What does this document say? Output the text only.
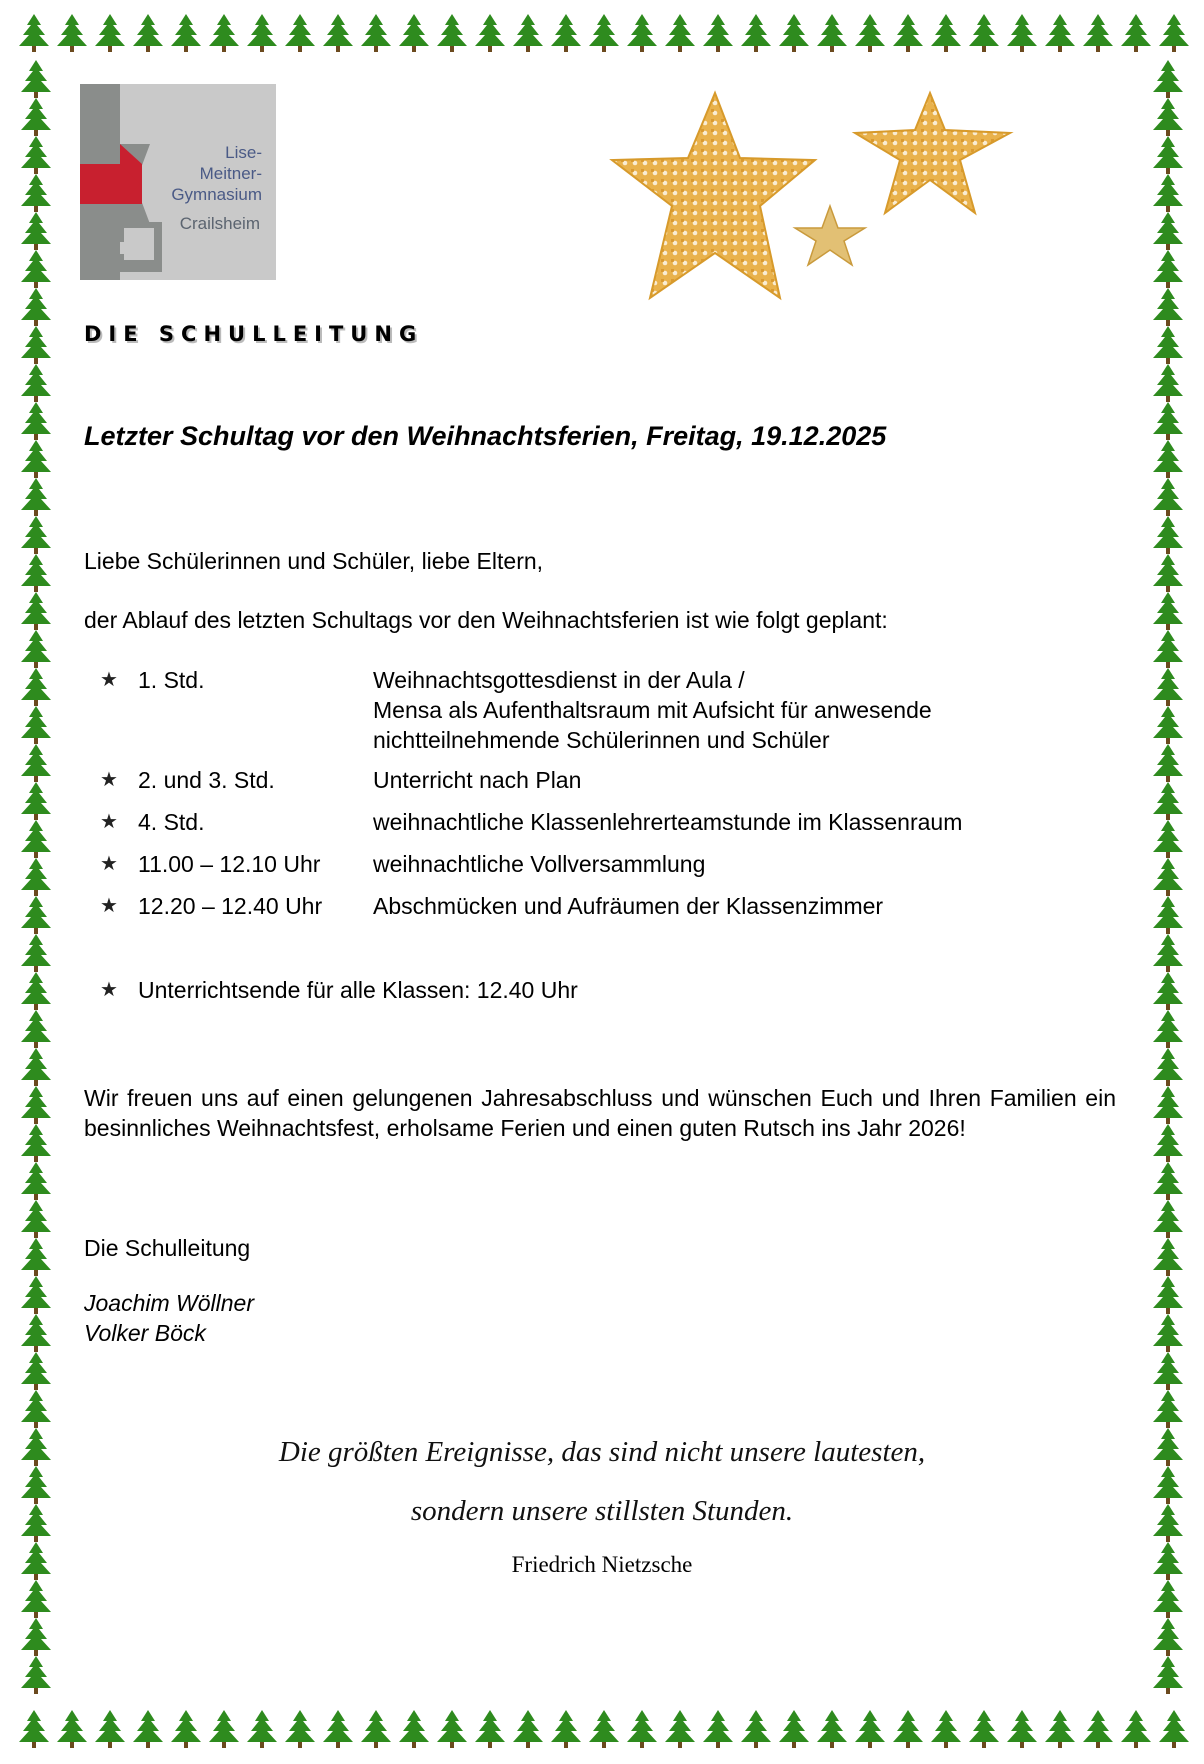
Lise-
Meitner-
Gymnasium
Crailsheim
DIE SCHULLEITUNG
Letzter Schultag vor den Weihnachtsferien, Freitag, 19.12.2025
Liebe Schülerinnen und Schüler, liebe Eltern,
der Ablauf des letzten Schultags vor den Weihnachtsferien ist wie folgt geplant:
★ 1. Std.	Weihnachtsgottesdienst in der Aula /
Mensa als Aufenthaltsraum mit Aufsicht für anwesende
nichtteilnehmende Schülerinnen und Schüler
★ 2. und 3. Std.	Unterricht nach Plan
★ 4. Std.	weihnachtliche Klassenlehrerteamstunde im Klassenraum
★ 11.00 – 12.10 Uhr weihnachtliche Vollversammlung
★ 12.20 – 12.40 Uhr Abschmücken und Aufräumen der Klassenzimmer
★ Unterrichtsende für alle Klassen: 12.40 Uhr
Wir freuen uns auf einen gelungenen Jahresabschluss und wünschen Euch und Ihren Familien ein besinnliches Weihnachtsfest, erholsame Ferien und einen guten Rutsch ins Jahr 2026!
Die Schulleitung
Joachim Wöllner
Volker Böck
Die größten Ereignisse, das sind nicht unsere lautesten,
sondern unsere stillsten Stunden.
Friedrich Nietzsche
